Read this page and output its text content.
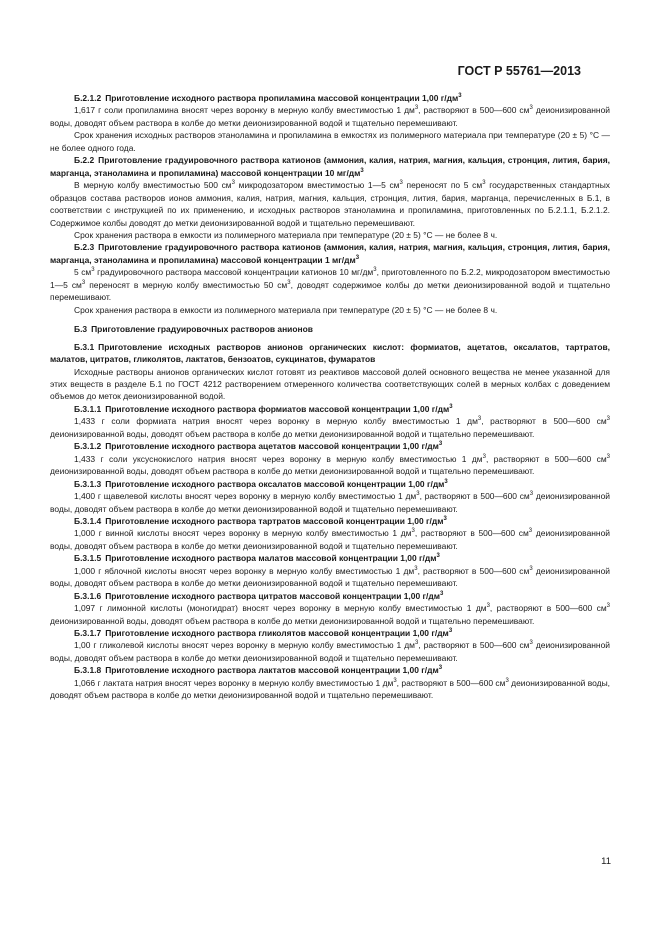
ГОСТ Р 55761—2013

Б.2.1.2 Приготовление исходного раствора пропиламина массовой концентрации 1,00 $г/дм^3$

1,617 г соли пропиламина вносят через воронку в мерную колбу вместимостью 1 $дм^3$, растворяют в 500—600 $см^3$ деионизированной воды, доводят объем раствора в колбе до метки деионизированной водой и тщательно перемешивают.

Срок хранения исходных растворов этаноламина и пропиламина в емкостях из полимерного материала при температуре (20 ± 5) °С — не более одного года.

Б.2.2 Приготовление градуировочного раствора катионов (аммония, калия, натрия, магния, кальция, стронция, лития, бария, марганца, этаноламина и пропиламина) массовой концентрации 10 $мг/дм^3$

В мерную колбу вместимостью 500 $см^3$ микродозатором вместимостью 1—5 $см^3$ переносят по 5 $см^3$ государственных стандартных образцов состава растворов ионов аммония, калия, натрия, магния, кальция, стронция, лития, бария, марганца, перечисленных в Б.1, в соответствии с инструкцией по их применению, и исходных растворов этаноламина и пропиламина, приготовленных по Б.2.1.1, Б.2.1.2. Содержимое колбы доводят до метки деионизированной водой и тщательно перемешивают.

Срок хранения раствора в емкости из полимерного материала при температуре (20 ± 5) °С — не более 8 ч.

Б.2.3 Приготовление градуировочного раствора катионов (аммония, калия, натрия, магния, кальция, стронция, лития, бария, марганца, этаноламина и пропиламина) массовой концентрации 1 $мг/дм^3$

5 $см^3$ градуировочного раствора массовой концентрации катионов 10 $мг/дм^3$, приготовленного по Б.2.2, микродозатором вместимостью 1—5 $см^3$ переносят в мерную колбу вместимостью 50 $см^3$, доводят содержимое колбы до метки деионизированной водой и тщательно перемешивают.

Срок хранения раствора в емкости из полимерного материала при температуре (20 ± 5) °С — не более 8 ч.

Б.3 Приготовление градуировочных растворов анионов

Б.3.1 Приготовление исходных растворов анионов органических кислот: формиатов, ацетатов, оксалатов, тартратов, малатов, цитратов, гликолятов, лактатов, бензоатов, сукцинатов, фумаратов

Исходные растворы анионов органических кислот готовят из реактивов массовой долей основного вещества не менее указанной для этих веществ в разделе Б.1 по ГОСТ 4212 растворением отмеренного количества соответствующих солей в мерных колбах с доведением объемов до меток деионизированной водой.

Б.3.1.1 Приготовление исходного раствора формиатов массовой концентрации 1,00 $г/дм^3$

1,433 г соли формиата натрия вносят через воронку в мерную колбу вместимостью 1 $дм^3$, растворяют в 500—600 $см^3$ деионизированной воды, доводят объем раствора в колбе до метки деионизированной водой и тщательно перемешивают.

Б.3.1.2 Приготовление исходного раствора ацетатов массовой концентрации 1,00 $г/дм^3$

1,433 г соли уксуснокислого натрия вносят через воронку в мерную колбу вместимостью 1 $дм^3$, растворяют в 500—600 $см^3$ деионизированной воды, доводят объем раствора в колбе до метки деионизированной водой и тщательно перемешивают.

Б.3.1.3 Приготовление исходного раствора оксалатов массовой концентрации 1,00 $г/дм^3$

1,400 г щавелевой кислоты вносят через воронку в мерную колбу вместимостью 1 $дм^3$, растворяют в 500—600 $см^3$ деионизированной воды, доводят объем раствора в колбе до метки деионизированной водой и тщательно перемешивают.

Б.3.1.4 Приготовление исходного раствора тартратов массовой концентрации 1,00 $г/дм^3$

1,000 г винной кислоты вносят через воронку в мерную колбу вместимостью 1 $дм^3$, растворяют в 500—600 $см^3$ деионизированной воды, доводят объем раствора в колбе до метки деионизированной водой и тщательно перемешивают.

Б.3.1.5 Приготовление исходного раствора малатов массовой концентрации 1,00 $г/дм^3$

1,000 г яблочной кислоты вносят через воронку в мерную колбу вместимостью 1 $дм^3$, растворяют в 500—600 $см^3$ деионизированной воды, доводят объем раствора в колбе до метки деионизированной водой и тщательно перемешивают.

Б.3.1.6 Приготовление исходного раствора цитратов массовой концентрации 1,00 $г/дм^3$

1,097 г лимонной кислоты (моногидрат) вносят через воронку в мерную колбу вместимостью 1 $дм^3$, растворяют в 500—600 $см^3$ деионизированной воды, доводят объем раствора в колбе до метки деионизированной водой и тщательно перемешивают.

Б.3.1.7 Приготовление исходного раствора гликолятов массовой концентрации 1,00 $г/дм^3$

1,00 г гликолевой кислоты вносят через воронку в мерную колбу вместимостью 1 $дм^3$, растворяют в 500—600 $см^3$ деионизированной воды, доводят объем раствора в колбе до метки деионизированной водой и тщательно перемешивают.

Б.3.1.8 Приготовление исходного раствора лактатов массовой концентрации 1,00 $г/дм^3$

1,066 г лактата натрия вносят через воронку в мерную колбу вместимостью 1 $дм^3$, растворяют в 500—600 $см^3$ деионизированной воды, доводят объем раствора в колбе до метки деионизированной водой и тщательно перемешивают.

11
